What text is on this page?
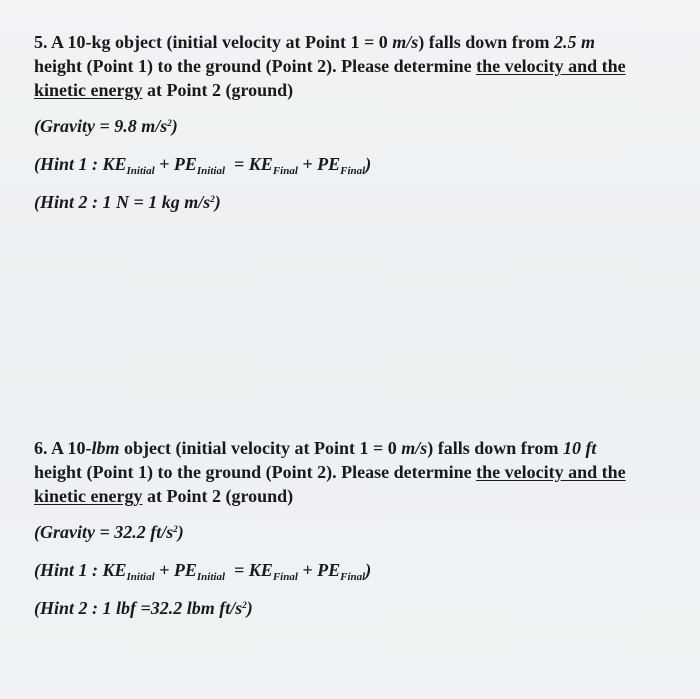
5. A 10-kg object (initial velocity at Point 1 = 0 m/s) falls down from 2.5 m
height (Point 1) to the ground (Point 2). Please determine the velocity and the
kinetic energy at Point 2 (ground)

(Gravity = 9.8 $m/s^2$)

(Hint 1 : $KE_{Initial} + PE_{Initial} = KE_{Final} + PE_{Final}$)

(Hint 2 : 1 N = 1 kg $m/s^2$)

6. A 10-lbm object (initial velocity at Point 1 = 0 m/s) falls down from 10 ft
height (Point 1) to the ground (Point 2). Please determine the velocity and the
kinetic energy at Point 2 (ground)

(Gravity = 32.2 $ft/s^2$)

(Hint 1 : $KE_{Initial} + PE_{Initial} = KE_{Final} + PE_{Final}$)

(Hint 2 : 1 lbf =32.2 lbm $ft/s^2$)
